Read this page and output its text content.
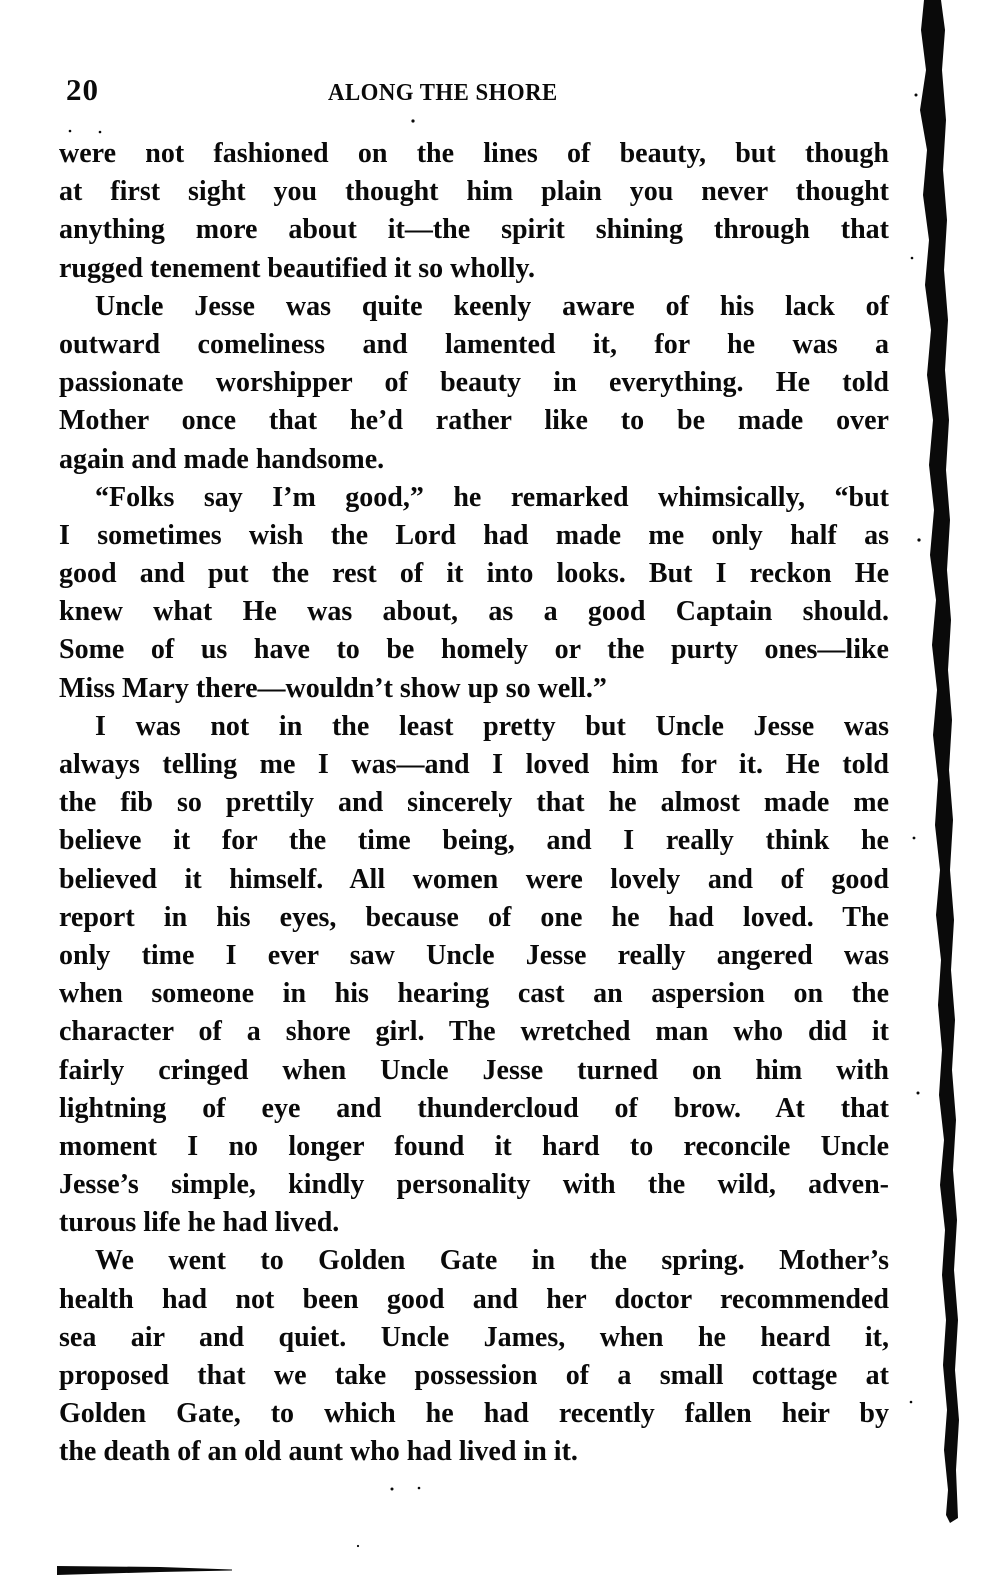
20	ALONG THE SHORE
were not fashioned on the lines of beauty, but though
at first sight you thought him plain you never thought
anything more about it—the spirit shining through that
rugged tenement beautified it so wholly.
Uncle Jesse was quite keenly aware of his lack of
outward comeliness and lamented it, for he was a
passionate worshipper of beauty in everything. He told
Mother once that he’d rather like to be made over
again and made handsome.
“Folks say I’m good,” he remarked whimsically, “but
I sometimes wish the Lord had made me only half as
good and put the rest of it into looks. But I reckon He
knew what He was about, as a good Captain should.
Some of us have to be homely or the purty ones—like
Miss Mary there—wouldn’t show up so well.”
I was not in the least pretty but Uncle Jesse was
always telling me I was—and I loved him for it. He told
the fib so prettily and sincerely that he almost made me
believe it for the time being, and I really think he
believed it himself. All women were lovely and of good
report in his eyes, because of one he had loved. The
only time I ever saw Uncle Jesse really angered was
when someone in his hearing cast an aspersion on the
character of a shore girl. The wretched man who did it
fairly cringed when Uncle Jesse turned on him with
lightning of eye and thundercloud of brow. At that
moment I no longer found it hard to reconcile Uncle
Jesse’s simple, kindly personality with the wild, adven-
turous life he had lived.
We went to Golden Gate in the spring. Mother’s
health had not been good and her doctor recommended
sea air and quiet. Uncle James, when he heard it,
proposed that we take possession of a small cottage at
Golden Gate, to which he had recently fallen heir by
the death of an old aunt who had lived in it.
